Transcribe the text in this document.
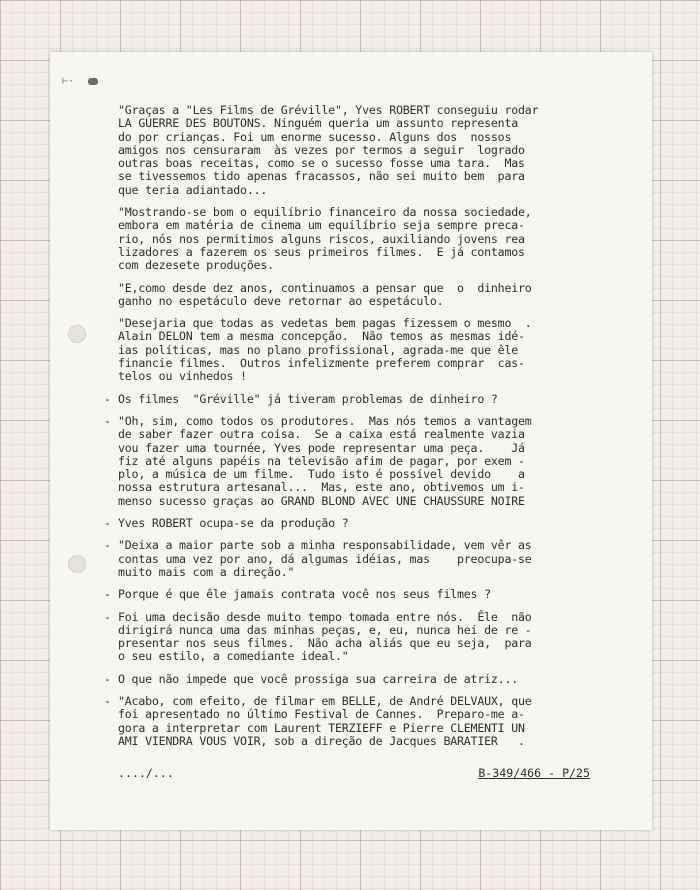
⊢·
"Graças a "Les Films de Gréville", Yves ROBERT conseguiu rodar
LA GUERRE DES BOUTONS. Ninguém queria um assunto representa
do por crianças. Foi um enorme sucesso. Alguns dos  nossos
amigos nos censuraram  às vezes por termos a seguir  logrado
outras boas receitas, como se o sucesso fosse uma tara.  Mas
se tivessemos tido apenas fracassos, não sei muito bem  para
que teria adiantado...
"Mostrando-se bom o equilíbrio financeiro da nossa sociedade,
embora em matéria de cinema um equilíbrio seja sempre preca-
rio, nós nos permitimos alguns riscos, auxiliando jovens rea
lizadores a fazerem os seus primeiros filmes.  E já contamos
com dezesete produções.
"E,como desde dez anos, continuamos a pensar que  o  dinheiro
ganho no espetáculo deve retornar ao espetáculo.
"Desejaria que todas as vedetas bem pagas fizessem o mesmo  .
Alain DELON tem a mesma concepção.  Não temos as mesmas idé-
ias políticas, mas no plano profissional, agrada-me que êle
financie filmes.  Outros infelizmente preferem comprar  cas-
telos ou vinhedos !
- Os filmes  "Gréville" já tiveram problemas de dinheiro ?
- "Oh, sim, como todos os produtores.  Mas nós temos a vantagem
de saber fazer outra coisa.  Se a caixa está realmente vazia
vou fazer uma tournée, Yves pode representar uma peça.    Já
fiz até alguns papéis na televisão afim de pagar, por exem -
plo, a música de um filme.  Tudo isto é possível devido    a
nossa estrutura artesanal...  Mas, este ano, obtivemos um i-
menso sucesso graças ao GRAND BLOND AVEC UNE CHAUSSURE NOIRE
- Yves ROBERT ocupa-se da produção ?
- "Deixa a maior parte sob a minha responsabilidade, vem vêr as
contas uma vez por ano, dá algumas idéias, mas    preocupa-se
muito mais com a direção."
- Porque é que êle jamais contrata você nos seus filmes ?
- Foi uma decisão desde muito tempo tomada entre nós.  Êle  não
dirigirá nunca uma das minhas peças, e, eu, nunca hei de re -
presentar nos seus filmes.  Não acha aliás que eu seja,  para
o seu estilo, a comediante ideal."
- O que não impede que você prossiga sua carreira de atriz...
- "Acabo, com efeito, de filmar em BELLE, de André DELVAUX, que
foi apresentado no último Festival de Cannes.  Preparo-me a-
gora a interpretar com Laurent TERZIEFF e Pierre CLEMENTI UN
AMI VIENDRA VOUS VOIR, sob a direção de Jacques BARATIER   .
..../...	B-349/466 - P/25
